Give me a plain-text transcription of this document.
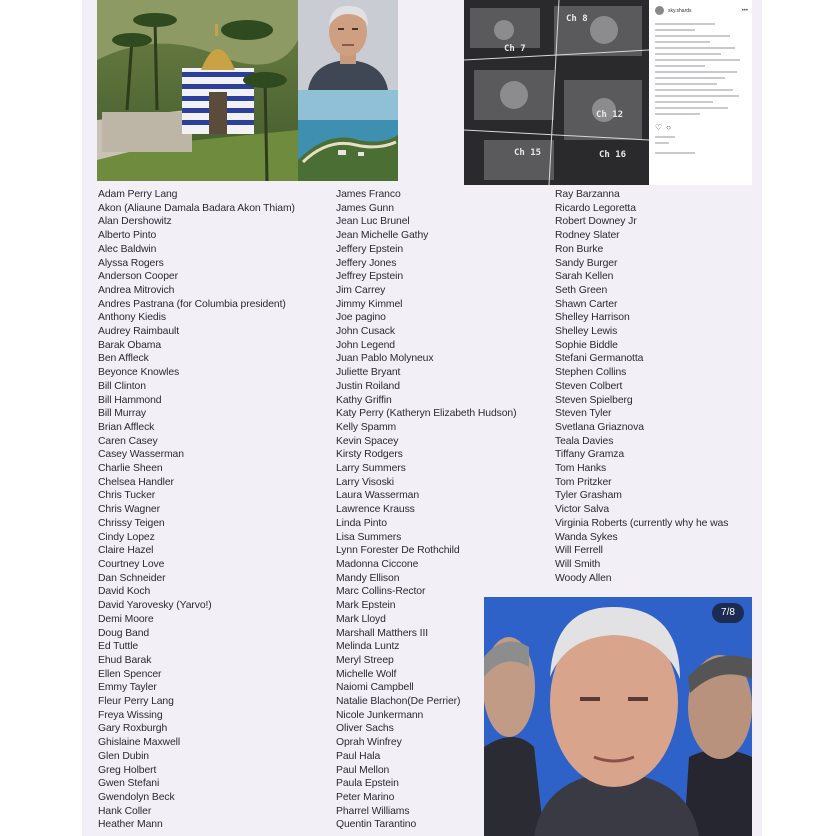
Ch 8
Ch 7
Ch 12
Ch 15	Ch 16
sky.shards	•••
♡ ○
Adam Perry Lang
Akon (Aliaune Damala Badara Akon Thiam)
Alan Dershowitz
Alberto Pinto
Alec Baldwin
Alyssa Rogers
Anderson Cooper
Andrea Mitrovich
Andres Pastrana (for Columbia president)
Anthony Kiedis
Audrey Raimbault
Barak Obama
Ben Affleck
Beyonce Knowles
Bill Clinton
Bill Hammond
Bill Murray
Brian Affleck
Caren Casey
Casey Wasserman
Charlie Sheen
Chelsea Handler
Chris Tucker
Chris Wagner
Chrissy Teigen
Cindy Lopez
Claire Hazel
Courtney Love
Dan Schneider
David Koch
David Yarovesky (Yarvo!)
Demi Moore
Doug Band
Ed Tuttle
Ehud Barak
Ellen Spencer
Emmy Tayler
Fleur Perry Lang
Freya Wissing
Gary Roxburgh
Ghislaine Maxwell
Glen Dubin
Greg Holbert
Gwen Stefani
Gwendolyn Beck
Hank Coller
Heather Mann
James Franco
James Gunn
Jean Luc Brunel
Jean Michelle Gathy
Jeffery Epstein
Jeffery Jones
Jeffrey Epstein
Jim Carrey
Jimmy Kimmel
Joe pagino
John Cusack
John Legend
Juan Pablo Molyneux
Juliette Bryant
Justin Roiland
Kathy Griffin
Katy Perry (Katheryn Elizabeth Hudson)
Kelly Spamm
Kevin Spacey
Kirsty Rodgers
Larry Summers
Larry Visoski
Laura Wasserman
Lawrence Krauss
Linda Pinto
Lisa Summers
Lynn Forester De Rothchild
Madonna Ciccone
Mandy Ellison
Marc Collins-Rector
Mark Epstein
Mark Lloyd
Marshall Matthers III
Melinda Luntz
Meryl Streep
Michelle Wolf
Naiomi Campbell
Natalie Blachon(De Perrier)
Nicole Junkermann
Oliver Sachs
Oprah Winfrey
Paul Hala
Paul Mellon
Paula Epstein
Peter Marino
Pharrel Williams
Quentin Tarantino
Ray Barzanna
Ricardo Legoretta
Robert Downey Jr
Rodney Slater
Ron Burke
Sandy Burger
Sarah Kellen
Seth Green
Shawn Carter
Shelley Harrison
Shelley Lewis
Sophie Biddle
Stefani Germanotta
Stephen Collins
Steven Colbert
Steven Spielberg
Steven Tyler
Svetlana Griaznova
Teala Davies
Tiffany Gramza
Tom Hanks
Tom Pritzker
Tyler Grasham
Victor Salva
Virginia Roberts (currently why he was
Wanda Sykes
Will Ferrell
Will Smith
Woody Allen
7/8
